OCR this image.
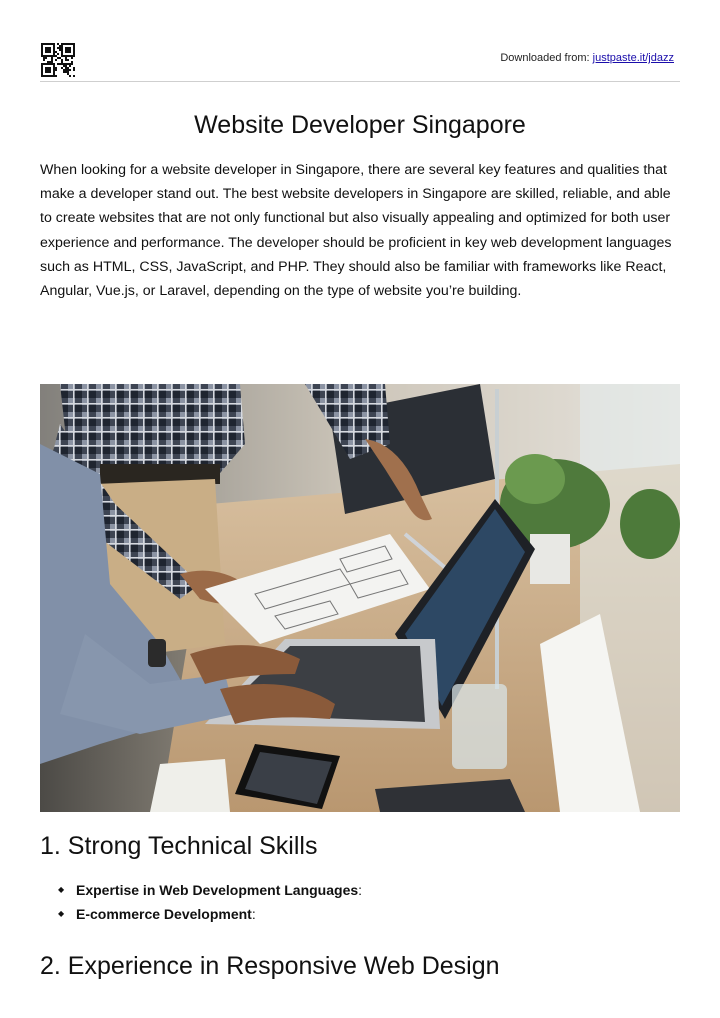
Downloaded from: justpaste.it/jdazz
Website Developer Singapore

When looking for a website developer in Singapore, there are several key features and qualities that make a developer stand out. The best website developers in Singapore are skilled, reliable, and able to create websites that are not only functional but also visually appealing and optimized for both user experience and performance. The developer should be proficient in key web development languages such as HTML, CSS, JavaScript, and PHP. They should also be familiar with frameworks like React, Angular, Vue.js, or Laravel, depending on the type of website you’re building.

1. Strong Technical Skills
◆ Expertise in Web Development Languages:
◆ E-commerce Development:
2. Experience in Responsive Web Design
